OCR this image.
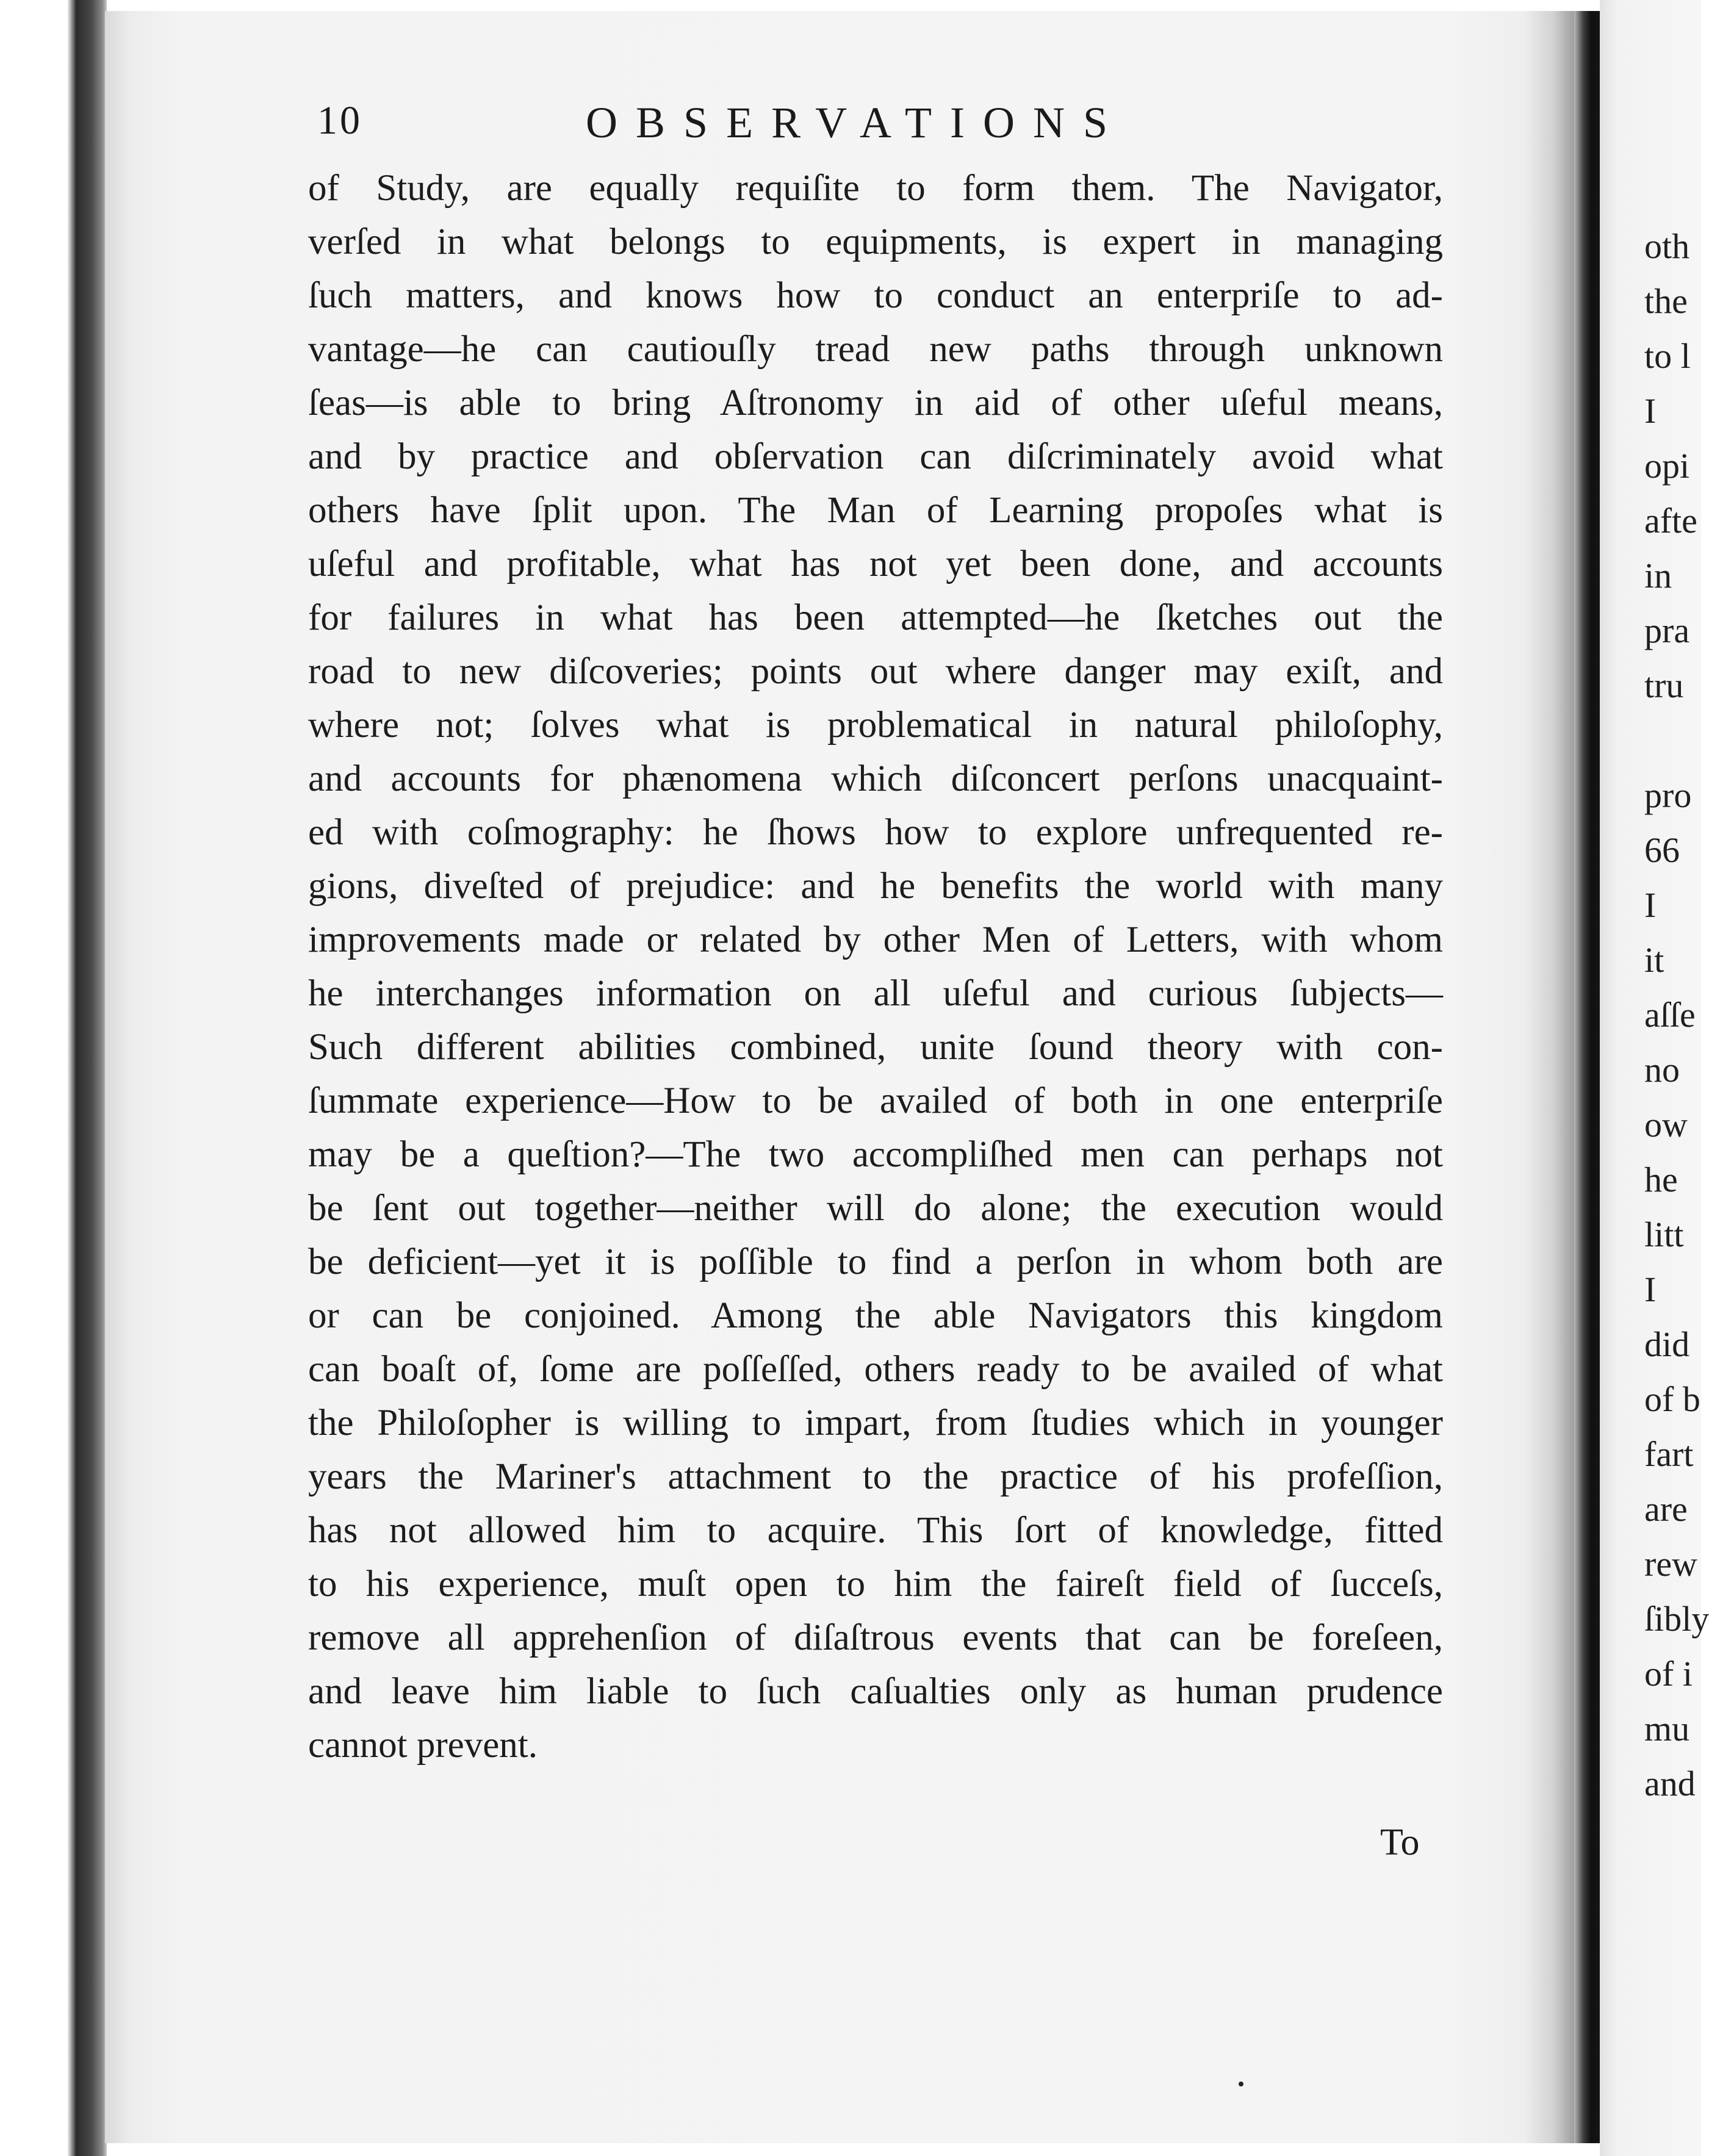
10	OBSERVATIONS
of Study, are equally requiſite to form them. The Navigator,
verſed in what belongs to equipments, is expert in managing
ſuch matters, and knows how to conduct an enterpriſe to ad-
vantage—he can cautiouſly tread new paths through unknown
ſeas—is able to bring Aſtronomy in aid of other uſeful means,
and by practice and obſervation can diſcriminately avoid what
others have ſplit upon. The Man of Learning propoſes what is
uſeful and profitable, what has not yet been done, and accounts
for failures in what has been attempted—he ſketches out the
road to new diſcoveries; points out where danger may exiſt, and
where not; ſolves what is problematical in natural philoſophy,
and accounts for phænomena which diſconcert perſons unacquaint-
ed with coſmography: he ſhows how to explore unfrequented re-
gions, diveſted of prejudice: and he benefits the world with many
improvements made or related by other Men of Letters, with whom
he interchanges information on all uſeful and curious ſubjects—
Such different abilities combined, unite ſound theory with con-
ſummate experience—How to be availed of both in one enterpriſe
may be a queſtion?—The two accompliſhed men can perhaps not
be ſent out together—neither will do alone; the execution would
be deficient—yet it is poſſible to find a perſon in whom both are
or can be conjoined. Among the able Navigators this kingdom
can boaſt of, ſome are poſſeſſed, others ready to be availed of what
the Philoſopher is willing to impart, from ſtudies which in younger
years the Mariner's attachment to the practice of his profeſſion,
has not allowed him to acquire. This ſort of knowledge, fitted
to his experience, muſt open to him the faireſt field of ſucceſs,
remove all apprehenſion of diſaſtrous events that can be foreſeen,
and leave him liable to ſuch caſualties only as human prudence
cannot prevent.
To
oth
the
to l
I
opi
afte
in
pra
tru
pro
66
I
it
aſſe
no
ow
he
litt
I
did
of b
fart
are
rew
ſibly
of i
mu
and
